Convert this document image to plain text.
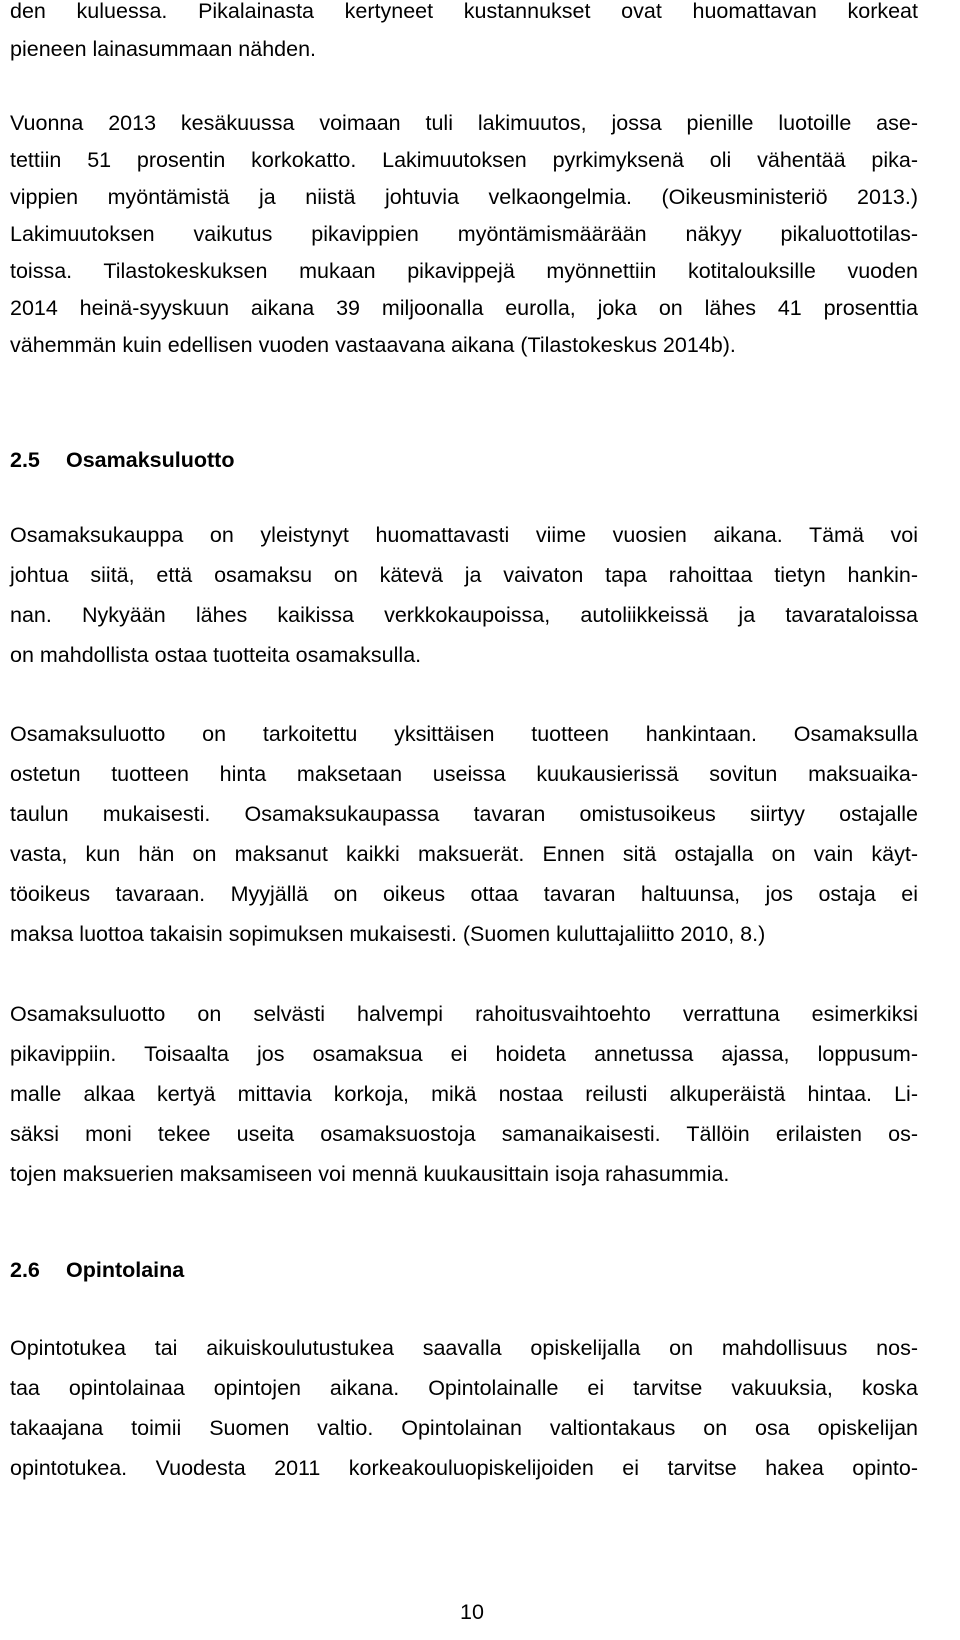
den kuluessa. Pikalainasta kertyneet kustannukset ovat huomattavan korkeat
pieneen lainasummaan nähden.
Vuonna 2013 kesäkuussa voimaan tuli lakimuutos, jossa pienille luotoille ase-
tettiin 51 prosentin korkokatto. Lakimuutoksen pyrkimyksenä oli vähentää pika-
vippien myöntämistä ja niistä johtuvia velkaongelmia. (Oikeusministeriö 2013.)
Lakimuutoksen vaikutus pikavippien myöntämismäärään näkyy pikaluottotilas-
toissa. Tilastokeskuksen mukaan pikavippejä myönnettiin kotitalouksille vuoden
2014 heinä-syyskuun aikana 39 miljoonalla eurolla, joka on lähes 41 prosenttia
vähemmän kuin edellisen vuoden vastaavana aikana (Tilastokeskus 2014b).
2.5 Osamaksuluotto
Osamaksukauppa on yleistynyt huomattavasti viime vuosien aikana. Tämä voi
johtua siitä, että osamaksu on kätevä ja vaivaton tapa rahoittaa tietyn hankin-
nan. Nykyään lähes kaikissa verkkokaupoissa, autoliikkeissä ja tavarataloissa
on mahdollista ostaa tuotteita osamaksulla.
Osamaksuluotto on tarkoitettu yksittäisen tuotteen hankintaan. Osamaksulla
ostetun tuotteen hinta maksetaan useissa kuukausierissä sovitun maksuaika-
taulun mukaisesti. Osamaksukaupassa tavaran omistusoikeus siirtyy ostajalle
vasta, kun hän on maksanut kaikki maksuerät. Ennen sitä ostajalla on vain käyt-
töoikeus tavaraan. Myyjällä on oikeus ottaa tavaran haltuunsa, jos ostaja ei
maksa luottoa takaisin sopimuksen mukaisesti. (Suomen kuluttajaliitto 2010, 8.)
Osamaksuluotto on selvästi halvempi rahoitusvaihtoehto verrattuna esimerkiksi
pikavippiin. Toisaalta jos osamaksua ei hoideta annetussa ajassa, loppusum-
malle alkaa kertyä mittavia korkoja, mikä nostaa reilusti alkuperäistä hintaa. Li-
säksi moni tekee useita osamaksuostoja samanaikaisesti. Tällöin erilaisten os-
tojen maksuerien maksamiseen voi mennä kuukausittain isoja rahasummia.
2.6 Opintolaina
Opintotukea tai aikuiskoulutustukea saavalla opiskelijalla on mahdollisuus nos-
taa opintolainaa opintojen aikana. Opintolainalle ei tarvitse vakuuksia, koska
takaajana toimii Suomen valtio. Opintolainan valtiontakaus on osa opiskelijan
opintotukea. Vuodesta 2011 korkeakouluopiskelijoiden ei tarvitse hakea opinto-
10
